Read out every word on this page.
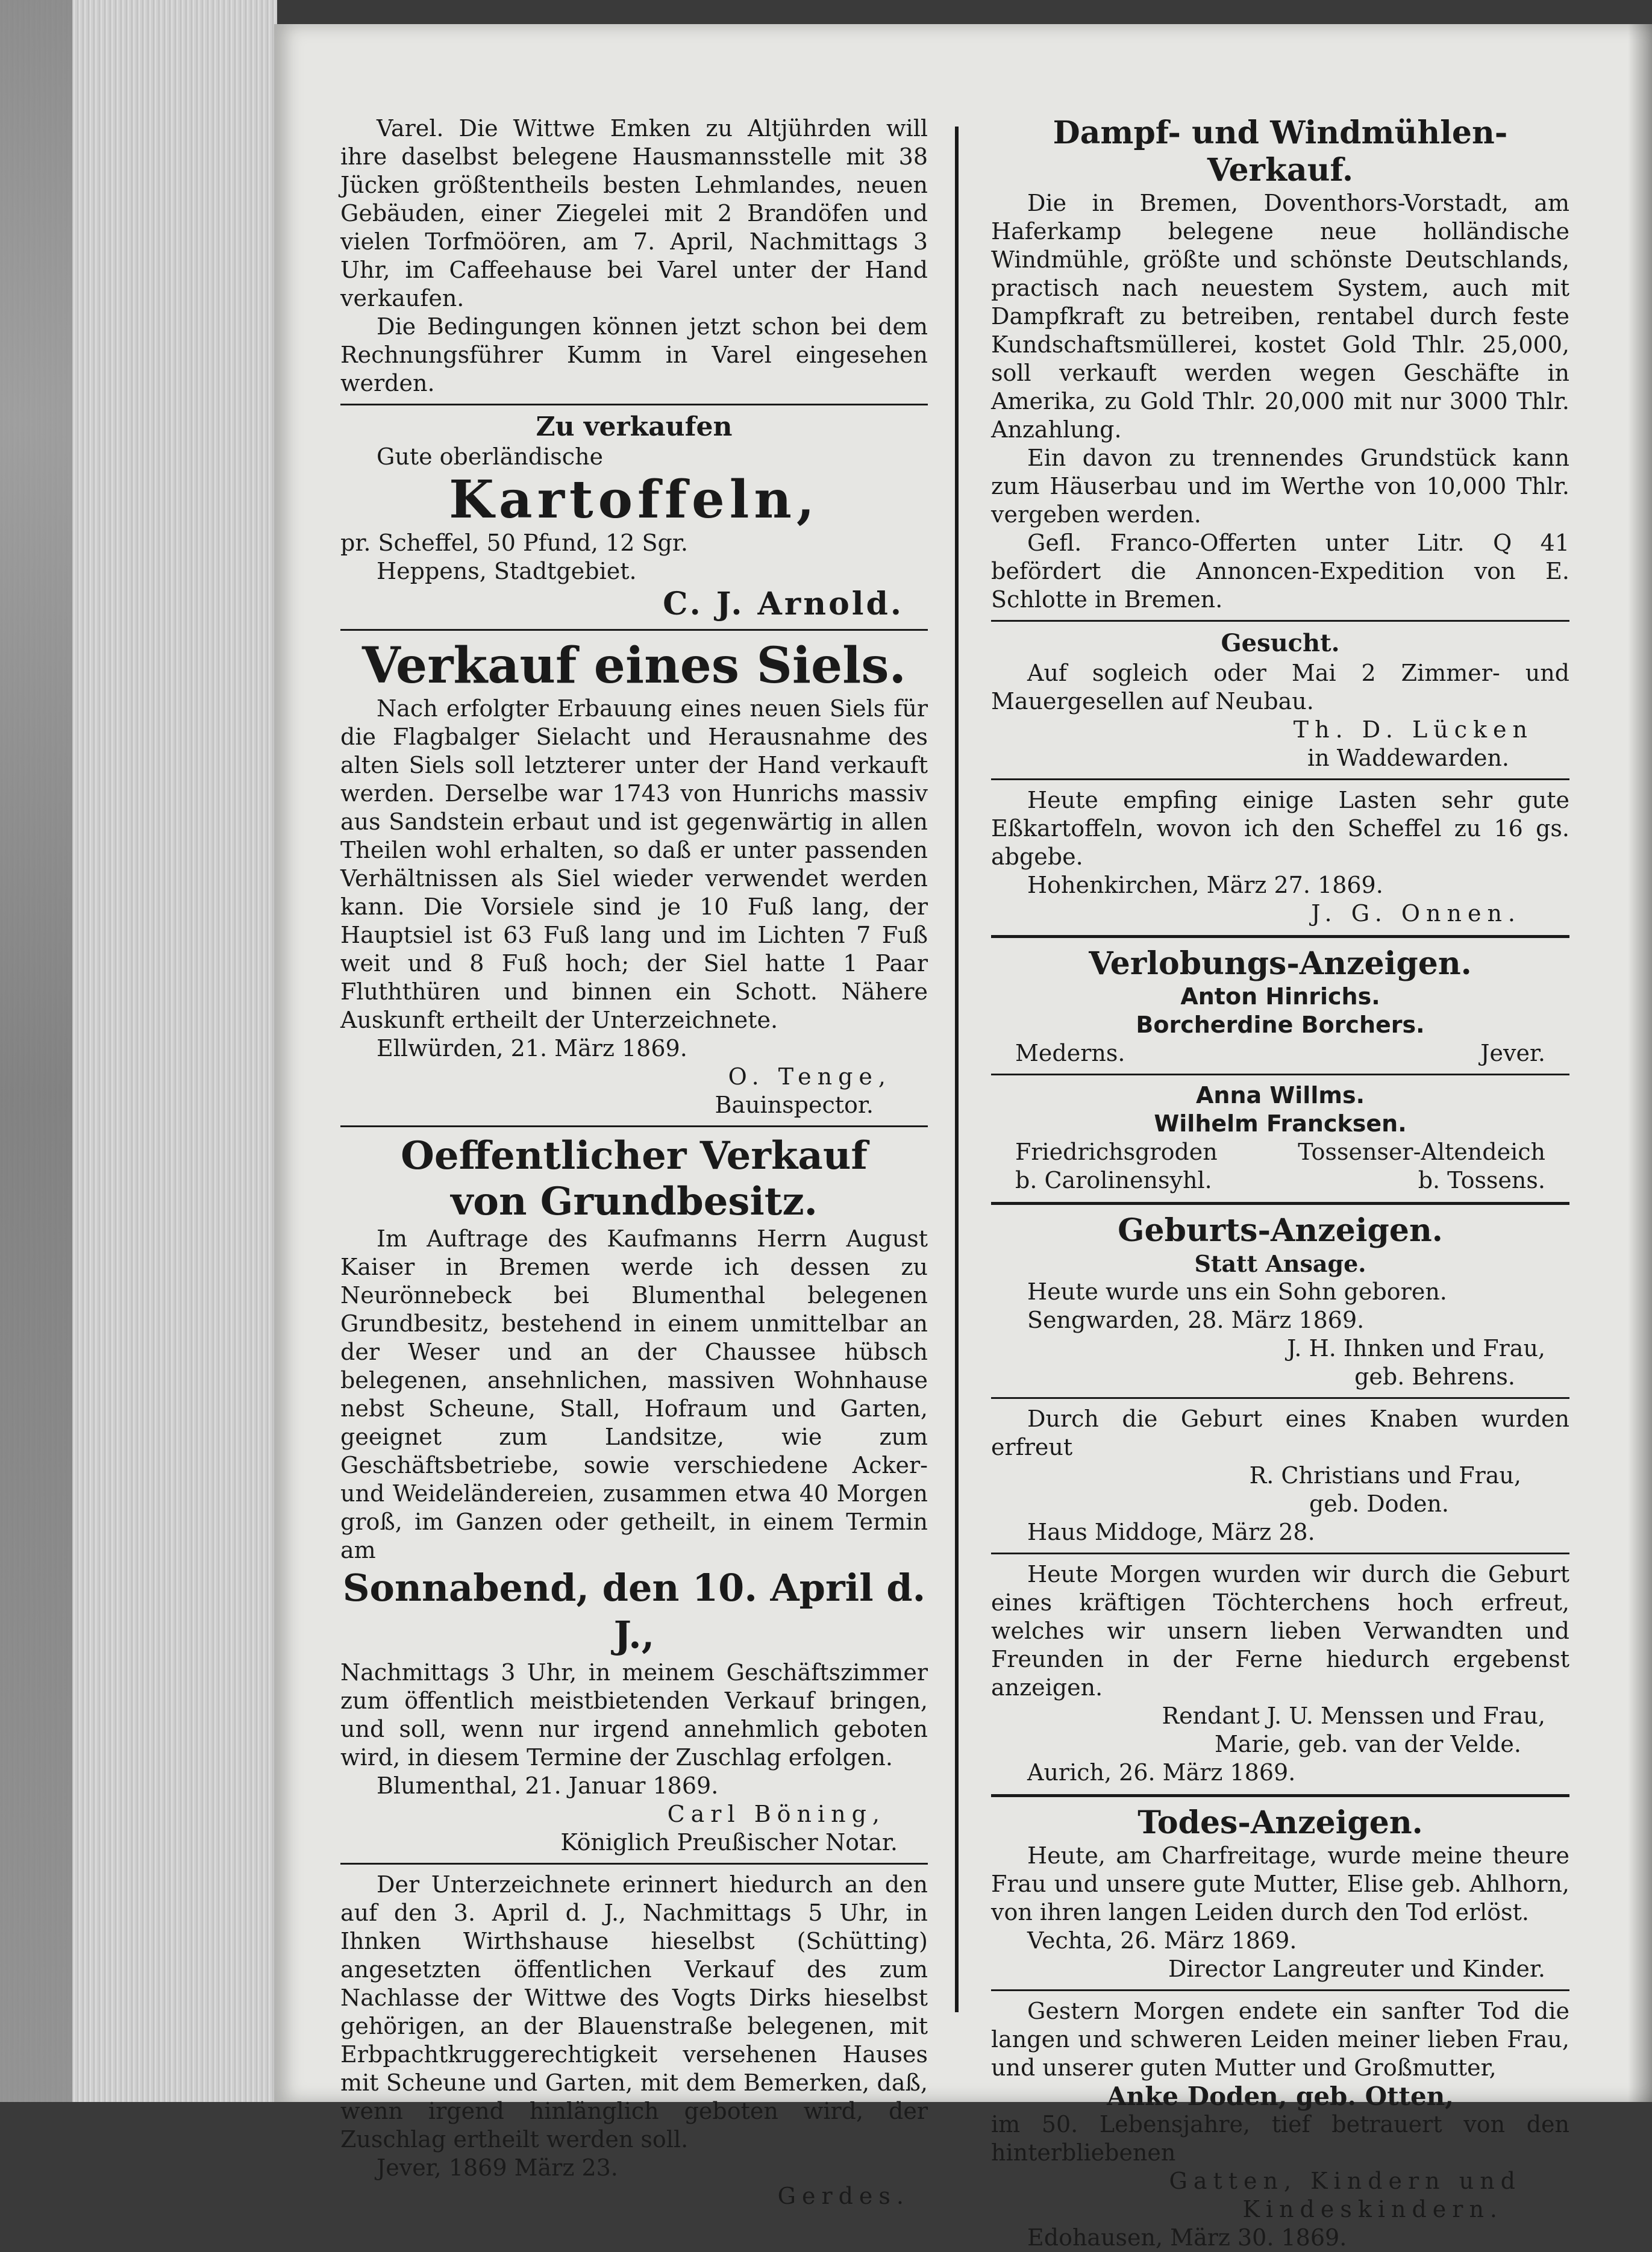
Varel. Die Wittwe Emken zu Altjührden will ihre daselbst belegene Hausmannsstelle mit 38 Jücken größtentheils besten Lehmlandes, neuen Gebäuden, einer Ziegelei mit 2 Brandöfen und vielen Torfmöören, am 7. April, Nachmittags 3 Uhr, im Caffeehause bei Varel unter der Hand verkaufen.

Die Bedingungen können jetzt schon bei dem Rechnungsführer Kumm in Varel eingesehen werden.

Zu verkaufen

Gute oberländische

Kartoffeln,

pr. Scheffel, 50 Pfund, 12 Sgr.

Heppens, Stadtgebiet.

C. J. Arnold.

Verkauf eines Siels.

Nach erfolgter Erbauung eines neuen Siels für die Flagbalger Sielacht und Herausnahme des alten Siels soll letzterer unter der Hand verkauft werden. Derselbe war 1743 von Hunrichs massiv aus Sandstein erbaut und ist gegenwärtig in allen Theilen wohl erhalten, so daß er unter passenden Verhältnissen als Siel wieder verwendet werden kann. Die Vorsiele sind je 10 Fuß lang, der Hauptsiel ist 63 Fuß lang und im Lichten 7 Fuß weit und 8 Fuß hoch; der Siel hatte 1 Paar Fluththüren und binnen ein Schott. Nähere Auskunft ertheilt der Unterzeichnete.

Ellwürden, 21. März 1869.

O. Tenge,

Bauinspector.

Oeffentlicher Verkauf

von Grundbesitz.

Im Auftrage des Kaufmanns Herrn August Kaiser in Bremen werde ich dessen zu Neurönnebeck bei Blumenthal belegenen Grundbesitz, bestehend in einem unmittelbar an der Weser und an der Chaussee hübsch belegenen, ansehnlichen, massiven Wohnhause nebst Scheune, Stall, Hofraum und Garten, geeignet zum Landsitze, wie zum Geschäftsbetriebe, sowie verschiedene Acker- und Weideländereien, zusammen etwa 40 Morgen groß, im Ganzen oder getheilt, in einem Termin am

Sonnabend, den 10. April d. J.,

Nachmittags 3 Uhr, in meinem Geschäftszimmer zum öffentlich meistbietenden Verkauf bringen, und soll, wenn nur irgend annehmlich geboten wird, in diesem Termine der Zuschlag erfolgen.

Blumenthal, 21. Januar 1869.

Carl Böning,

Königlich Preußischer Notar.

Der Unterzeichnete erinnert hiedurch an den auf den 3. April d. J., Nachmittags 5 Uhr, in Ihnken Wirthshause hieselbst (Schütting) angesetzten öffentlichen Verkauf des zum Nachlasse der Wittwe des Vogts Dirks hieselbst gehörigen, an der Blauenstraße belegenen, mit Erbpachtkruggerechtigkeit versehenen Hauses mit Scheune und Garten, mit dem Bemerken, daß, wenn irgend hinlänglich geboten wird, der Zuschlag ertheilt werden soll.

Jever, 1869 März 23.

Gerdes.

Dampf- und Windmühlen-Verkauf.

Die in Bremen, Doventhors-Vorstadt, am Haferkamp belegene neue holländische Windmühle, größte und schönste Deutschlands, practisch nach neuestem System, auch mit Dampfkraft zu betreiben, rentabel durch feste Kundschaftsmüllerei, kostet Gold Thlr. 25,000, soll verkauft werden wegen Geschäfte in Amerika, zu Gold Thlr. 20,000 mit nur 3000 Thlr. Anzahlung.

Ein davon zu trennendes Grundstück kann zum Häuserbau und im Werthe von 10,000 Thlr. vergeben werden.

Gefl. Franco-Offerten unter Litr. Q 41 befördert die Annoncen-Expedition von E. Schlotte in Bremen.

Gesucht.

Auf sogleich oder Mai 2 Zimmer- und Mauergesellen auf Neubau.

Th. D. Lücken

in Waddewarden.

Heute empfing einige Lasten sehr gute Eßkartoffeln, wovon ich den Scheffel zu 16 gs. abgebe.

Hohenkirchen, März 27. 1869.

J. G. Onnen.

Verlobungs-Anzeigen.

Anton Hinrichs.

Borcherdine Borchers.

Mederns.	Jever.

Anna Willms.

Wilhelm Francksen.

Friedrichsgroden	Tossenser-Altendeich
b. Carolinensyhl.	b. Tossens.

Geburts-Anzeigen.

Statt Ansage.

Heute wurde uns ein Sohn geboren.

Sengwarden, 28. März 1869.

J. H. Ihnken und Frau,

geb. Behrens.

Durch die Geburt eines Knaben wurden erfreut

R. Christians und Frau,

geb. Doden.

Haus Middoge, März 28.

Heute Morgen wurden wir durch die Geburt eines kräftigen Töchterchens hoch erfreut, welches wir unsern lieben Verwandten und Freunden in der Ferne hiedurch ergebenst anzeigen.

Rendant J. U. Menssen und Frau,

Marie, geb. van der Velde.

Aurich, 26. März 1869.

Todes-Anzeigen.

Heute, am Charfreitage, wurde meine theure Frau und unsere gute Mutter, Elise geb. Ahlhorn, von ihren langen Leiden durch den Tod erlöst.

Vechta, 26. März 1869.

Director Langreuter und Kinder.

Gestern Morgen endete ein sanfter Tod die langen und schweren Leiden meiner lieben Frau, und unserer guten Mutter und Großmutter,

Anke Doden, geb. Otten,

im 50. Lebensjahre, tief betrauert von den hinterbliebenen

Gatten, Kindern und

Kindeskindern.

Edohausen, März 30. 1869.
